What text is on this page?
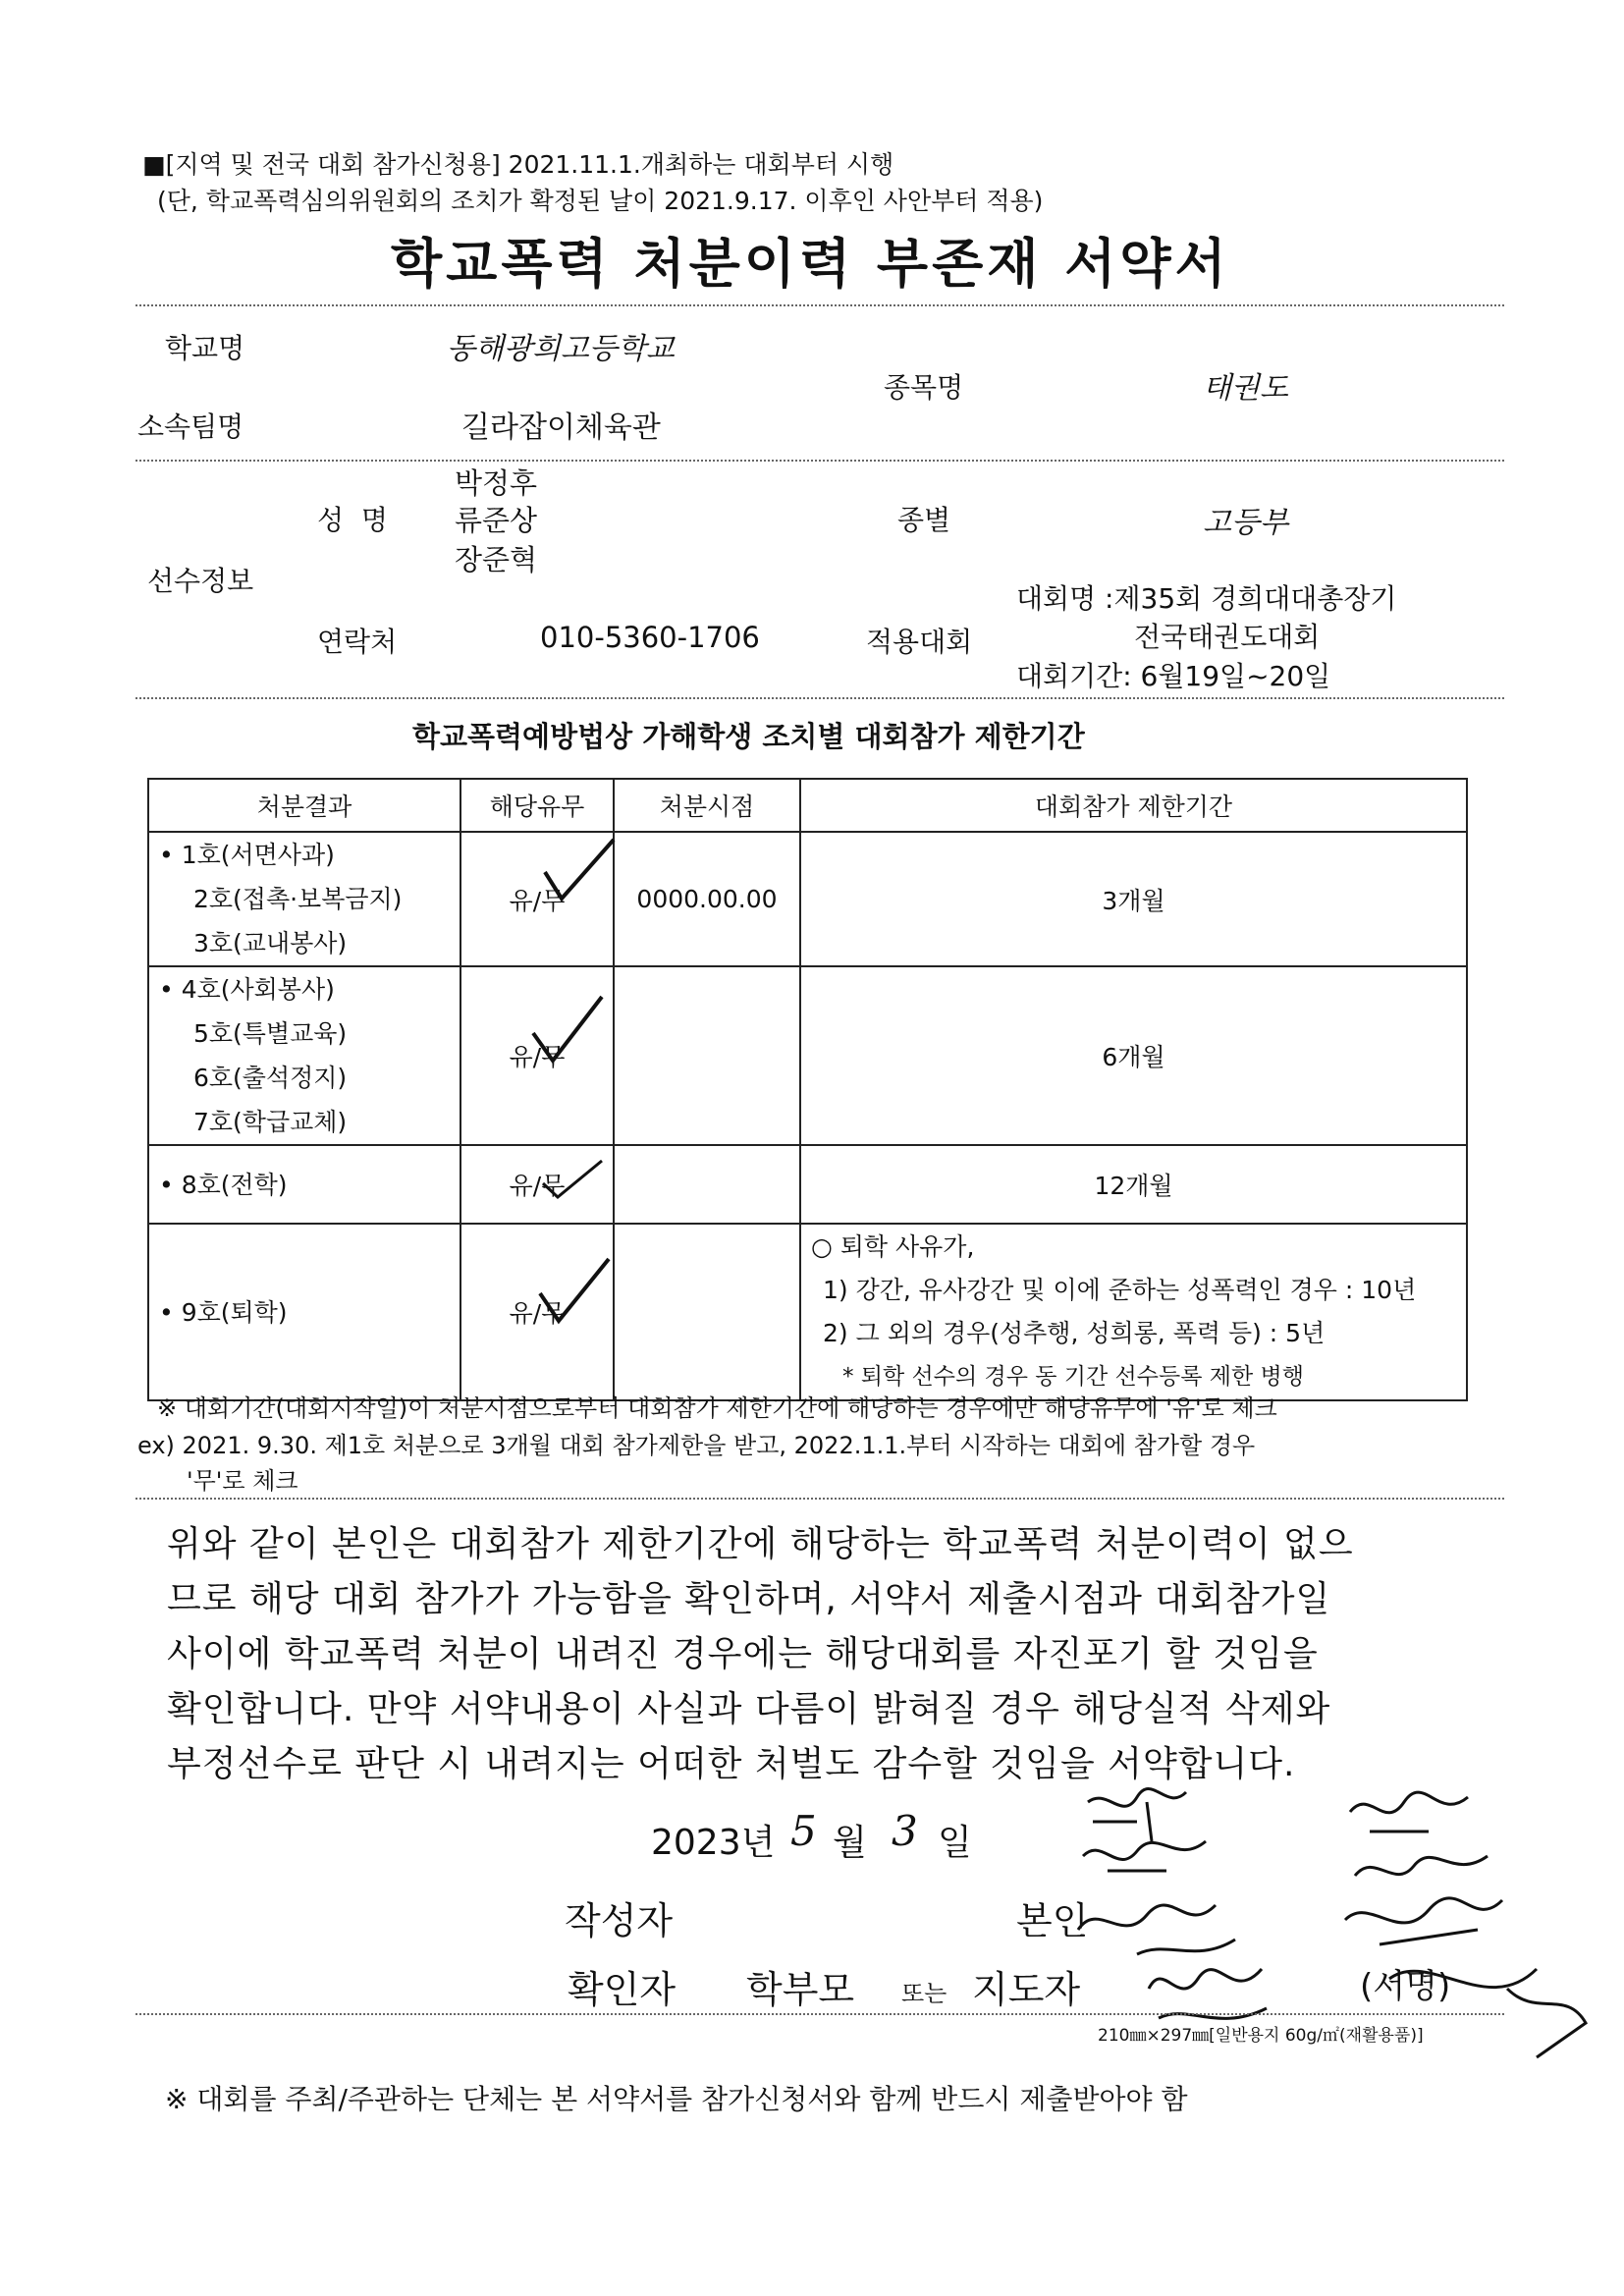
■[지역 및 전국 대회 참가신청용] 2021.11.1.개최하는 대회부터 시행
(단, 학교폭력심의위원회의 조치가 확정된 날이 2021.9.17. 이후인 사안부터 적용)
학교폭력 처분이력 부존재 서약서
학교명	동해광희고등학교
종목명	태권도
소속팀명	길라잡이체육관
성  명
박정후
류준상
장준혁
종별	고등부
선수정보
대회명 :제35회 경희대대총장기
연락처	010-5360-1706	적용대회	전국태권도대회
대회기간: 6월19일~20일
학교폭력예방법상 가해학생 조치별 대회참가 제한기간
처분결과	해당유무	처분시점	대회참가 제한기간

• 1호(서면사과)
2호(접촉·보복금지)
3호(교내봉사)	유/무	0000.00.00	3개월

• 4호(사회봉사)
5호(특별교육)
6호(출석정지)
7호(학급교체)	유/무		6개월

• 8호(전학)	유/무		12개월

• 9호(퇴학)	유/무		○ 퇴학 사유가,
1) 강간, 유사강간 및 이에 준하는 성폭력인 경우 : 10년
2) 그 외의 경우(성추행, 성희롱, 폭력 등) : 5년
* 퇴학 선수의 경우 동 기간 선수등록 제한 병행
※ 대회기간(대회시작일)이 처분시점으로부터 대회참가 제한기간에 해당하는 경우에만 해당유무에 '유'로 체크
ex) 2021. 9.30. 제1호 처분으로 3개월 대회 참가제한을 받고, 2022.1.1.부터 시작하는 대회에 참가할 경우
'무'로 체크

위와 같이 본인은 대회참가 제한기간에 해당하는 학교폭력 처분이력이 없으

므로 해당 대회 참가가 가능함을 확인하며, 서약서 제출시점과 대회참가일

사이에 학교폭력 처분이 내려진 경우에는 해당대회를 자진포기 할 것임을

확인합니다. 만약 서약내용이 사실과 다름이 밝혀질 경우 해당실적 삭제와

부정선수로 판단 시 내려지는 어떠한 처벌도 감수할 것임을 서약합니다.

2023년 5 월 3 일
작성자	본인
확인자 학부모 또는 지도자	(서명)
210㎜×297㎜[일반용지 60g/㎡(재활용품)]
※ 대회를 주최/주관하는 단체는 본 서약서를 참가신청서와 함께 반드시 제출받아야 함
